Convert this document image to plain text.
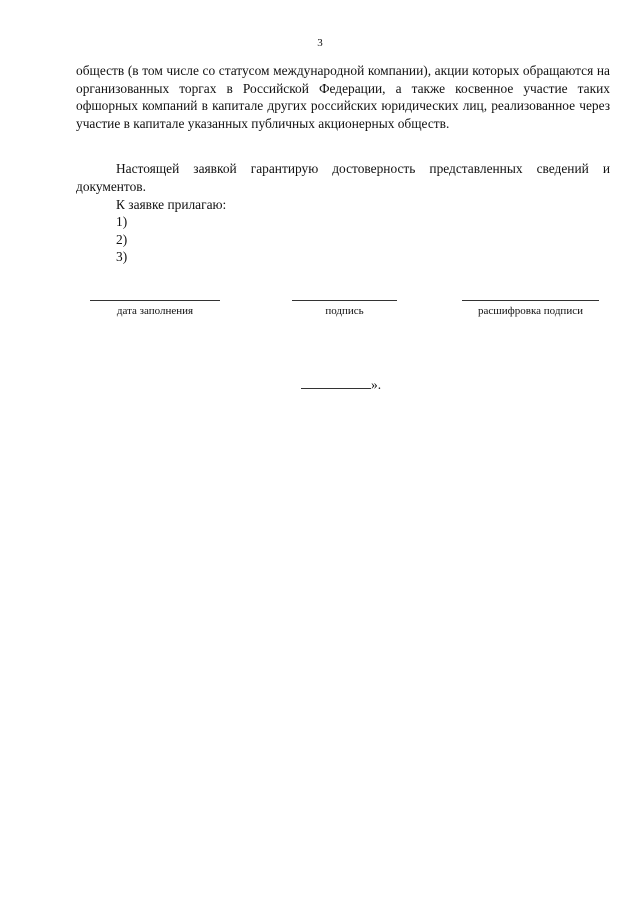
3
обществ (в том числе со статусом международной компании), акции которых обращаются на организованных торгах в Российской Федерации, а также косвенное участие таких офшорных компаний в капитале других российских юридических лиц, реализованное через участие в капитале указанных публичных акционерных обществ.
Настоящей заявкой гарантирую достоверность представленных сведений и документов.
К заявке прилагаю:
1)
2)
3)
дата заполнения	подпись	расшифровка подписи
».
